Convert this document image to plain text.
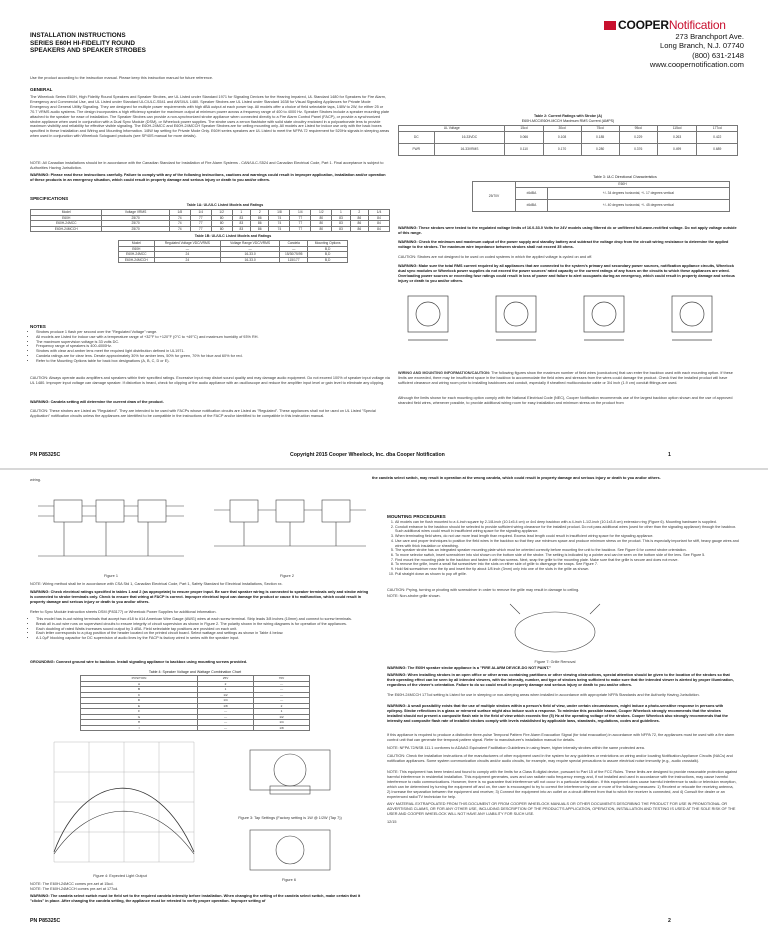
INSTALLATION INSTRUCTIONS
SERIES E60H HI-FIDELITY ROUND
SPEAKERS AND SPEAKER STROBES
COOPERNotification
273 Branchport Ave.
Long Branch, N.J. 07740
(800) 631-2148
www.coopernotification.com
Use the product according to the instruction manual. Please keep this instruction manual for future reference.
GENERAL
The Wheelock Series E60H, High Fidelity Round Speakers and Speaker Strobes, are UL Listed under Standard 1971 for Signaling Devices for the Hearing Impaired, UL Standard 1480 for Speakers for Fire Alarm, Emergency and Commercial Use, and UL Listed under Standard ULC/ULC-S541 and ANSI/UL 1480. Speaker Strobes are UL Listed under Standard 1638 for Visual Signaling Appliances for Private Mode Emergency and General Utility Signaling. They are designed for multiple power requirements with high dBA output at each power tap. All models offer a choice of field selectable taps, 1/8W to 2W, for either 25 or 70.7 VRMS audio systems. The design incorporates a high efficiency speaker for maximum output at minimum power across a frequency range of 400 to 4000 Hz. Speaker Strobes include a speaker mounting plate attached to the speaker for ease of installation. The Speaker Strobes can provide a non-synchronized strobe appliance when connected directly to a Fire Alarm Control Panel (FACP), or provide a synchronized strobe appliance when used in conjunction with a Dual Sync Module (DSM), or Wheelock power supplies. The strobe uses a xenon flashtube with solid state circuitry enclosed in a polycarbonate lens to provide maximum visibility and reliability for effective visible signaling. The E60H-24MCC and E60H-24MCCH Speaker Strobes are for ceiling mounting only. All models are Listed for indoor use only with the back boxes specified in these Installation and Wiring and Mounting Information. 1/8W tap setting for Private Mode Only. E60H series speakers are UL Listed to meet the NFPA 72 requirement for 520Hz signals in sleeping areas when used in conjunction with Wheelock Sologuard products (see SP40S manual for more details).
NOTE: All Canadian installations should be in accordance with the Canadian Standard for Installation of Fire Alarm Systems - CAN/ULC-S524 and Canadian Electrical Code, Part 1. Final acceptance is subject to Authorities Having Jurisdiction.
WARNING: Please read these instructions carefully. Failure to comply with any of the following instructions, cautions and warnings could result in improper application, installation and/or operation of these products in an emergency situation, which could result in property damage and serious injury or death to you and/or others.
SPECIFICATIONS
Table 1A: UL/ULC Listed Models and Ratings
Model	Voltage VRMS	1/8	1/4	1/2	1	2	1/8	1/4	1/2	1	2	1/4
E60H	25/70	74	77	80	83	86	74	77	80	83	86	84
E60H-24MCC	25/70	74	77	80	83	86	74	77	80	83	86	84
E60H-24MCCH	25/70	74	77	80	83	86	74	77	80	83	86	84
Table 1B: UL/ULC Listed Models and Ratings
Model	Regulated Voltage VDC/VRMS	Voltage Range VDC/VRMS	Candela	Mounting Options
E60H	—	—	—	B,D
E60H-24MCC	24	16-33.0	15/30/75/95	B,D
E60H-24MCCH	24	16-33.0	115/177	B,D
NOTES
• Strobes produce 1 flash per second over the "Regulated Voltage" range.
• All models are Listed for indoor use with a temperature range of +32°F to +120°F (0°C to +49°C) and maximum humidity of 93% RH.
• The maximum supervision voltage is 33 volts DC.
• Frequency range of speakers is 400-4000Hz.
• Strobes with clear and amber lens meet the required light distribution defined in UL1971.
• Candela ratings are for clear lens. Derate approximately 30% for amber lens, 50% for green, 70% for blue and 60% for red.
• Refer to the Mounting Options table for back box designations (A, B, C, D or E).
CAUTION: Always operate audio amplifiers and speakers within their specified ratings. Excessive input may distort sound quality and may damage audio equipment. Do not exceed 100% of speaker input voltage via UL 1480. Improper input voltage can damage speaker. If distortion is heard, check for clipping of the audio appliance with an oscilloscope and reduce the amplifier input level or gain level to eliminate any clipping.
WARNING: Candela setting will determine the current draw of the product.
CAUTION: These strobes are Listed as "Regulated". They are intended to be used with FACPs whose notification circuits are Listed as "Regulated". These appliances shall not be used on UL Listed "Special Application" notification circuits unless the appliances are identified to be compatible in the instructions of the FACP and/or identified to be compatible in this instruction manual.
Table 2: Current Ratings with Strobe (A)
E60H-MCC/E60H-MCCH Maximum RMS Current (AMPS)
UL Voltage		15cd	30cd	75cd	95cd	115cd	177cd
DC	16-33VDC	0.066	0.108	0.185	0.229	0.263	0.422
FWR	16-33VRMS	0.110	0.170	0.280	0.376	0.499	0.689
Table 3: ULC Directional Characteristics
25/70V	E60H	
	±6dBA	+/- 34 degrees horizontal, +/- 17 degrees vertical
	±6dBA	+/- 40 degrees horizontal, +/- 45 degrees vertical
WARNING: These strobes were tested to the regulated voltage limits of 16.0-33.0 Volts for 24V models using filtered dc or unfiltered full-wave-rectified voltage. Do not apply voltage outside of this range.
WARNING: Check the minimum and maximum output of the power supply and standby battery and subtract the voltage drop from the circuit wiring resistance to determine the applied voltage to the strobes. The maximum wire impedance between strobes shall not exceed 35 ohms.
CAUTION: Strobes are not designed to be used on coded systems in which the applied voltage is cycled on and off.
WARNING: Make sure the total RMS current required by all appliances that are connected to the system's primary and secondary power sources, notification appliance circuits, Wheelock dual sync modules or Wheelock power supplies do not exceed the power sources' rated capacity or the current ratings of any fuses on the circuits to which these appliances are wired. Overloading power sources or exceeding fuse ratings could result in loss of power and failure to alert occupants during an emergency, which could result in property damage and serious injury or death to you and/or others.
WIRING AND MOUNTING INFORMATION/CAUTION: The following figures show the maximum number of field wires (conductors) that can enter the backbox used with each mounting option. If these limits are exceeded, there may be insufficient space in the backbox to accommodate the field wires and stresses from the wires could damage the product. Check that the installed product will have sufficient clearance and wiring room prior to installing backboxes and conduit, especially if sheathed multiconductor cable or 3/4 inch (1.9 cm) conduit fittings are used.
Although the limits shown for each mounting option comply with the National Electrical Code (NEC), Cooper Notification recommends use of the largest backbox option shown and the use of approved stranded field wires, whenever possible, to provide additional wiring room for easy installation and minimum stress on the product from
PN P85325C	Copyright 2015 Cooper Wheelock, Inc. dba Cooper Notification	1
wiring.	the candela select switch, may result in operation at the wrong candela, which could result in property damage and serious injury or death to you and/or others.
Figure 1	Figure 2
NOTE: Wiring method shall be in accordance with CSA Std 1, Canadian Electrical Code, Part 1, Safety Standard for Electrical Installations, Section xx.
WARNING: Check electrical ratings specified in tables 1 and 2 (as appropriate) to ensure proper input. Be sure that speaker wiring is connected to speaker terminals only and strobe wiring is connected to strobe terminals only. Check to ensure that wiring at FACP is correct. Improper electrical input can damage the product or cause it to malfunction, which could result in property damage and serious injury or death to you and/or others.
Refer to Sync Module instruction sheets DSM (P83177) or Wheelock Power Supplies for additional information.
• This model has in-out wiring terminals that accept two #18 to #14 American Wire Gauge (AWG) wires at each screw terminal. Strip leads 3/8 inches (10mm) and connect to screw terminals.
• Break all in-out wire runs on supervised circuits to ensure integrity of circuit supervision as shown in Figure 2. The polarity shown in the wiring diagrams is for operation of the appliances.
• Each doubling of rated Watts increases sound output by 3 dBA. Field selectable tap positions are provided on each unit.
• Each letter corresponds to a plug position of the header located on the printed circuit board. Select wattage and settings as shown in Table 4 below.
• A 1.0μF blocking capacitor for DC supervision of audio lines by the FACP is factory wired in series with the speaker input.
GROUNDING: Connect ground wire to backbox. Install signaling appliance to backbox using mounting screws provided.
Table 4: Speaker Voltage and Wattage Combination Chart
POSITION	25V	70V
A	2	—
B	1	—
C	1/2	—
D	1/4	—
E	1/8	2
F	—	1
G	—	1/2
H	—	1/4
I	—	1/8
Figure 4: Expected Light Output
Figure 3: Tap Settings (Factory setting is 1W @ 1/2W (Tap 7))
Figure 6
NOTE: The E60H-24MCC comes pre-set at 15cd.
NOTE: The E60H-24MCCH comes pre-set at 177cd.
WARNING: The candela select switch must be field set to the required candela intensity before installation. When changing the setting of the candela select switch, make certain that it "clicks" in place. After changing the candela setting, the appliance must be retested to verify proper operation. Improper setting of
MOUNTING PROCEDURES
1. All models can be flush mounted to a 4-inch square by 2-1/8-inch (10.1x5.4 cm) or 4x4 deep backbox with a 4-inch 1-1/2-inch (10.1x3.8 cm) extension ring (Figure 6). Mounting hardware is supplied.
2. Conduit entrance to the backbox should be selected to provide sufficient wiring clearance for the installed product. Do not pass additional wires (used for other than the signaling appliance) through the backbox. Such additional wires could result in insufficient wiring space for the signaling appliance.
3. When terminating field wires, do not use more lead length than required. Excess lead length could result in insufficient wiring space for the signaling appliance.
4. Use care and proper techniques to position the field wires in the backbox so that they use minimum space and produce minimum stress on the product. This is especially important for stiff, heavy gauge wires and wires with thick insulation or sheathing.
5. The speaker strobe has an integrated speaker mounting plate which must be oriented correctly before mounting the unit to the backbox. See Figure 6 for correct strobe orientation.
6. To move selector switch, insert screwdriver into slot shown on the bottom side of the strobe. The setting is indicated by a pointer and can be seen on the bottom side of the lens. See Figure 5.
7. Find mount the mounting plate to the backbox and fasten it with two screws. Next, snap the grille to the mounting plate. Make sure that the grille is secure and does not move.
8. To remove the grille, insert a small flat screwdriver into the slots on either side of grille to disengage the snaps. See Figure 7.
9. Hold flat screwdriver near the tip and insert the tip about 1/8 inch (3mm) only into one of the slots in the grille as shown.
10. Pull straight down as shown to pop off grille.
CAUTION: Prying, turning or pivoting with screwdriver in order to remove the grille may result in damage to ceiling.
NOTE: Non-strobe grille shown.
Figure 7: Grille Removal
WARNING: The E60H speaker strobe appliance is a "FIRE ALARM DEVICE-DO NOT PAINT."
WARNING: When installing strobes in an open office or other areas containing partitions or other viewing obstructions, special attention should be given to the location of the strobes so that their operating effect can be seen by all intended viewers, with the intensity, number, and type of strobes being sufficient to make sure that the intended viewer is alerted by proper illumination, regardless of the viewer's orientation. Failure to do so could result in property damage and serious injury or death to you and/or others.
The E60H-24MCCH 177cd setting is Listed for use in sleeping or non-sleeping areas when installed in accordance with appropriate NFPA Standards and the Authority Having Jurisdiction.
WARNING: A small possibility exists that the use of multiple strobes within a person's field of view, under certain circumstances, might induce a photo-sensitive response in persons with epilepsy. Strobe reflections in a glass or mirrored surface might also induce such a response. To minimize this possible hazard, Cooper Wheelock strongly recommends that the strobes installed should not present a composite flash rate in the field of view which exceeds five (5) Hz at the operating voltage of the strobes. Cooper Wheelock also strongly recommends that the intensity and composite flash rate of installed strobes comply with levels established by applicable laws, standards, regulations, codes and guidelines.
If this appliance is required to produce a distinctive three-pulse Temporal Pattern Fire Alarm Evacuation Signal (for total evacuation) in accordance with NFPA 72, the appliances must be used with a fire alarm control unit that can generate the temporal pattern signal. Refer to manufacturer's installation manual for details.
NOTE: NFPA 72/NSB 111.1 conforms to ADAAG Equivalent Facilitation Guidelines in using fewer, higher intensity strobes within the same protected area.
CAUTION: Check the installation instructions of the manufacturers of other equipment used in the system for any guidelines or restrictions on wiring and/or locating Notification Appliance Circuits (NACs) and notification appliances. Some system communication circuits and/or audio circuits, for example, may require special precautions to assure electrical noise immunity (e.g., audio crosstalk).
NOTE: This equipment has been tested and found to comply with the limits for a Class B digital device, pursuant to Part 15 of the FCC Rules. These limits are designed to provide reasonable protection against harmful interference in residential installation. This equipment generates, uses and can radiate radio frequency energy and, if not installed and used in accordance with the instructions, may cause harmful interference to radio communications. However, there is no guarantee that interference will not occur in a particular installation. If this equipment does cause harmful interference to radio or television reception, which can be determined by turning the equipment off and on, the user is encouraged to try to correct the interference by one or more of the following measures: 1) Reorient or relocate the receiving antenna, 2) Increase the separation between the equipment and receiver, 3) Connect the equipment into an outlet on a circuit different from that to which the receiver is connected, and 4) Consult the dealer or an experienced radio/TV technician for help.
ANY MATERIAL EXTRAPOLATED FROM THIS DOCUMENT OR FROM COOPER WHEELOCK MANUALS OR OTHER DOCUMENTS DESCRIBING THE PRODUCT FOR USE IN PROMOTIONAL OR ADVERTISING CLAIMS, OR FOR ANY OTHER USE, INCLUDING DESCRIPTION OF THE PRODUCT'S APPLICATION, OPERATION, INSTALLATION AND TESTING IS USED AT THE SOLE RISK OF THE USER AND COOPER WHEELOCK WILL NOT HAVE ANY LIABILITY FOR SUCH USE.
12/15
PN P85325C	2
